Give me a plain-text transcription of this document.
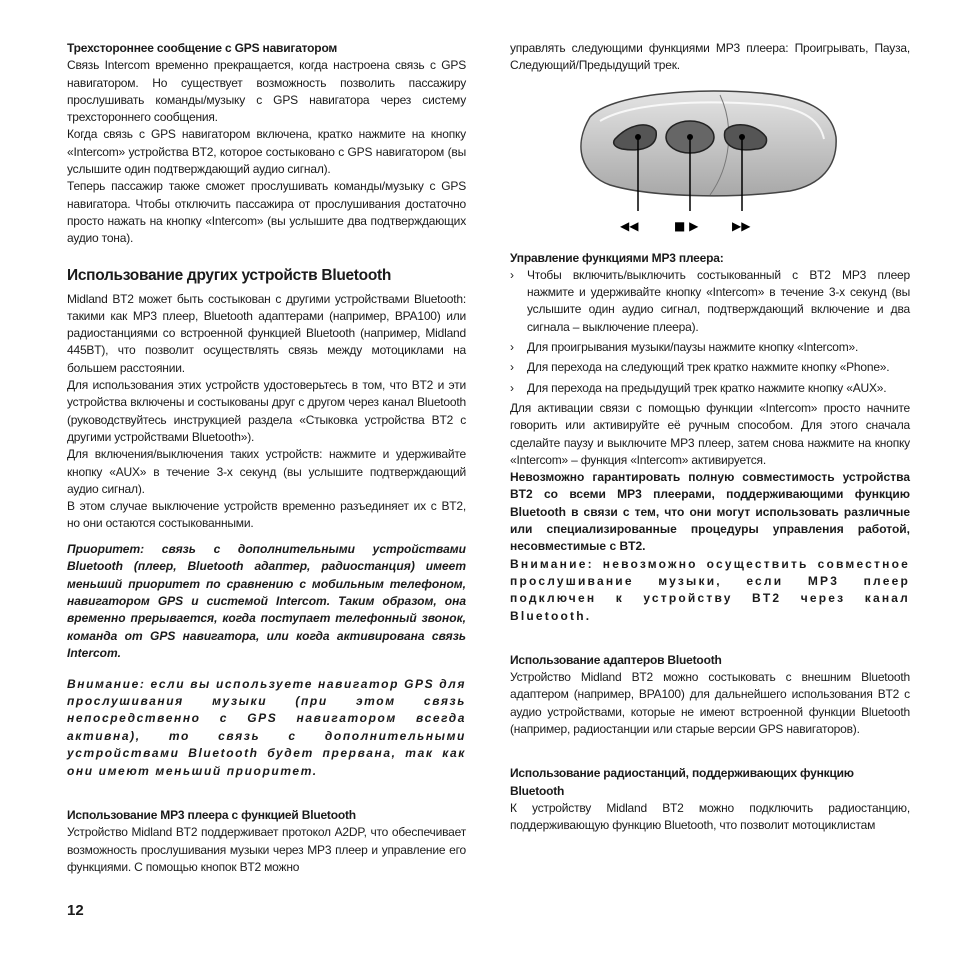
Трехстороннее сообщение с GPS навигатором

Связь Intercom временно прекращается, когда настроена связь с GPS навигатором. Но существует возможность позволить пассажиру прослушивать команды/музыку с GPS навигатора через систему трехстороннего сообщения.

Когда связь с GPS навигатором включена, кратко нажмите на кнопку «Intercom» устройства BT2, которое состыковано с GPS навигатором (вы услышите один подтверждающий аудио сигнал).

Теперь пассажир также сможет прослушивать команды/музыку с GPS навигатора. Чтобы отключить пассажира от прослушивания достаточно просто нажать на кнопку «Intercom» (вы услышите два подтверждающих аудио тона).

Использование других устройств Bluetooth

Midland BT2 может быть состыкован с другими устройствами Bluetooth: такими как MP3 плеер, Bluetooth адаптерами (например, BPA100) или радиостанциями со встроенной функцией Bluetooth (например, Midland 445BT), что позволит осуществлять связь между мотоциклами на большем расстоянии.

Для использования этих устройств удостоверьтесь в том, что BT2 и эти устройства включены и состыкованы друг с другом через канал Bluetooth (руководствуйтесь инструкцией раздела «Стыковка устройства BT2 с другими устройствами Bluetooth»).

Для включения/выключения таких устройств: нажмите и удерживайте кнопку «AUX» в течение 3-х секунд (вы услышите подтверждающий аудио сигнал).

В этом случае выключение устройств временно разъединяет их с BT2, но они остаются состыкованными.

Приоритет: связь с дополнительными устройствами Bluetooth (плеер, Bluetooth адаптер, радиостанция) имеет меньший приоритет по сравнению с мобильным телефоном, навигатором GPS и системой Intercom. Таким образом, она временно прерывается, когда поступает телефонный звонок, команда от GPS навигатора, или когда активирована связь Intercom.

Внимание: если вы используете навигатор GPS для прослушивания музыки (при этом связь непосредственно с GPS навигатором всегда активна), то связь с дополнительными устройствами Bluetooth будет прервана, так как они имеют меньший приоритет.

Использование MP3 плеера с функцией Bluetooth

Устройство Midland BT2 поддерживает протокол A2DP, что обеспечивает возможность прослушивания музыки через MP3 плеер и управление его функциями. С помощью кнопок BT2 можно

управлять следующими функциями MP3 плеера: Проигрывать, Пауза, Следующий/Предыдущий трек.

◀◀	■ ▶	▶▶

Управление функциями MP3 плеера:

› Чтобы включить/выключить состыкованный с BT2 MP3 плеер нажмите и удерживайте кнопку «Intercom» в течение 3-х секунд (вы услышите один аудио сигнал, подтверждающий включение и два сигнала – выключение плеера).
› Для проигрывания музыки/паузы нажмите кнопку «Intercom».
› Для перехода на следующий трек кратко нажмите кнопку «Phone».
› Для перехода на предыдущий трек кратко нажмите кнопку «AUX».

Для активации связи с помощью функции «Intercom» просто начните говорить или активируйте её ручным способом. Для этого сначала сделайте паузу и выключите MP3 плеер, затем снова нажмите на кнопку «Intercom» – функция «Intercom» активируется.

Невозможно гарантировать полную совместимость устройства BT2 со всеми MP3 плеерами, поддерживающими функцию Bluetooth в связи с тем, что они могут использовать различные или специализированные процедуры управления работой, несовместимые с BT2.

Внимание: невозможно осуществить совместное прослушивание музыки, если MP3 плеер подключен к устройству BT2 через канал Bluetooth.

Использование адаптеров Bluetooth

Устройство Midland BT2 можно состыковать с внешним Bluetooth адаптером (например, BPA100) для дальнейшего использования BT2 с аудио устройствами, которые не имеют встроенной функции Bluetooth (например, радиостанции или старые версии GPS навигаторов).

Использование радиостанций, поддерживающих функцию Bluetooth

К устройству Midland BT2 можно подключить радиостанцию, поддерживающую функцию Bluetooth, что позволит мотоциклистам

12
